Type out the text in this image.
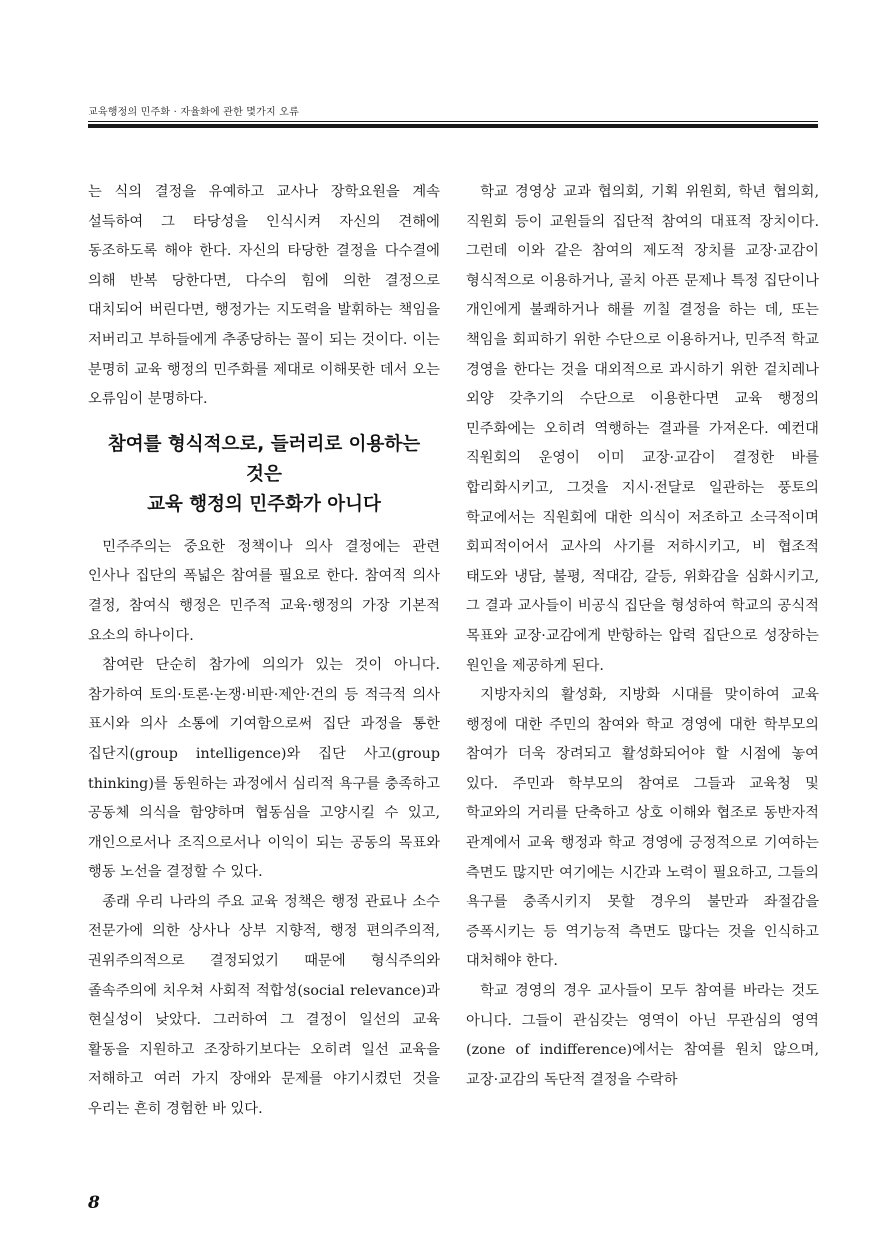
교육행정의 민주화 · 자율화에 관한 몇가지 오류

는 식의 결정을 유예하고 교사나 장학요원을 계속 설득하여 그 타당성을 인식시켜 자신의 견해에 동조하도록 해야 한다. 자신의 타당한 결정을 다수결에 의해 반복 당한다면, 다수의 힘에 의한 결정으로 대치되어 버린다면, 행정가는 지도력을 발휘하는 책임을 저버리고 부하들에게 추종당하는 꼴이 되는 것이다. 이는 분명히 교육 행정의 민주화를 제대로 이해못한 데서 오는 오류임이 분명하다.

참여를 형식적으로, 들러리로 이용하는 것은
교육 행정의 민주화가 아니다

민주주의는 중요한 정책이나 의사 결정에는 관련 인사나 집단의 폭넓은 참여를 필요로 한다. 참여적 의사 결정, 참여식 행정은 민주적 교육·행정의 가장 기본적 요소의 하나이다.

참여란 단순히 참가에 의의가 있는 것이 아니다. 참가하여 토의·토론·논쟁·비판·제안·건의 등 적극적 의사 표시와 의사 소통에 기여함으로써 집단 과정을 통한 집단지(group intelligence)와 집단 사고(group thinking)를 동원하는 과정에서 심리적 욕구를 충족하고 공동체 의식을 함양하며 협동심을 고양시킬 수 있고, 개인으로서나 조직으로서나 이익이 되는 공동의 목표와 행동 노선을 결정할 수 있다.

종래 우리 나라의 주요 교육 정책은 행정 관료나 소수 전문가에 의한 상사나 상부 지향적, 행정 편의주의적, 권위주의적으로 결정되었기 때문에 형식주의와 졸속주의에 치우쳐 사회적 적합성(social relevance)과 현실성이 낮았다. 그러하여 그 결정이 일선의 교육 활동을 지원하고 조장하기보다는 오히려 일선 교육을 저해하고 여러 가지 장애와 문제를 야기시켰던 것을 우리는 흔히 경험한 바 있다.

학교 경영상 교과 협의회, 기획 위원회, 학년 협의회, 직원회 등이 교원들의 집단적 참여의 대표적 장치이다. 그런데 이와 같은 참여의 제도적 장치를 교장·교감이 형식적으로 이용하거나, 골치 아픈 문제나 특정 집단이나 개인에게 불쾌하거나 해를 끼칠 결정을 하는 데, 또는 책임을 회피하기 위한 수단으로 이용하거나, 민주적 학교 경영을 한다는 것을 대외적으로 과시하기 위한 겉치레나 외양 갖추기의 수단으로 이용한다면 교육 행정의 민주화에는 오히려 역행하는 결과를 가져온다. 예컨대 직원회의 운영이 이미 교장·교감이 결정한 바를 합리화시키고, 그것을 지시·전달로 일관하는 풍토의 학교에서는 직원회에 대한 의식이 저조하고 소극적이며 회피적이어서 교사의 사기를 저하시키고, 비 협조적 태도와 냉담, 불평, 적대감, 갈등, 위화감을 심화시키고, 그 결과 교사들이 비공식 집단을 형성하여 학교의 공식적 목표와 교장·교감에게 반항하는 압력 집단으로 성장하는 원인을 제공하게 된다.

지방자치의 활성화, 지방화 시대를 맞이하여 교육 행정에 대한 주민의 참여와 학교 경영에 대한 학부모의 참여가 더욱 장려되고 활성화되어야 할 시점에 놓여 있다. 주민과 학부모의 참여로 그들과 교육청 및 학교와의 거리를 단축하고 상호 이해와 협조로 동반자적 관계에서 교육 행정과 학교 경영에 긍정적으로 기여하는 측면도 많지만 여기에는 시간과 노력이 필요하고, 그들의 욕구를 충족시키지 못할 경우의 불만과 좌절감을 증폭시키는 등 역기능적 측면도 많다는 것을 인식하고 대처해야 한다.

학교 경영의 경우 교사들이 모두 참여를 바라는 것도 아니다. 그들이 관심갖는 영역이 아닌 무관심의 영역(zone of indifference)에서는 참여를 원치 않으며, 교장·교감의 독단적 결정을 수락하

8
